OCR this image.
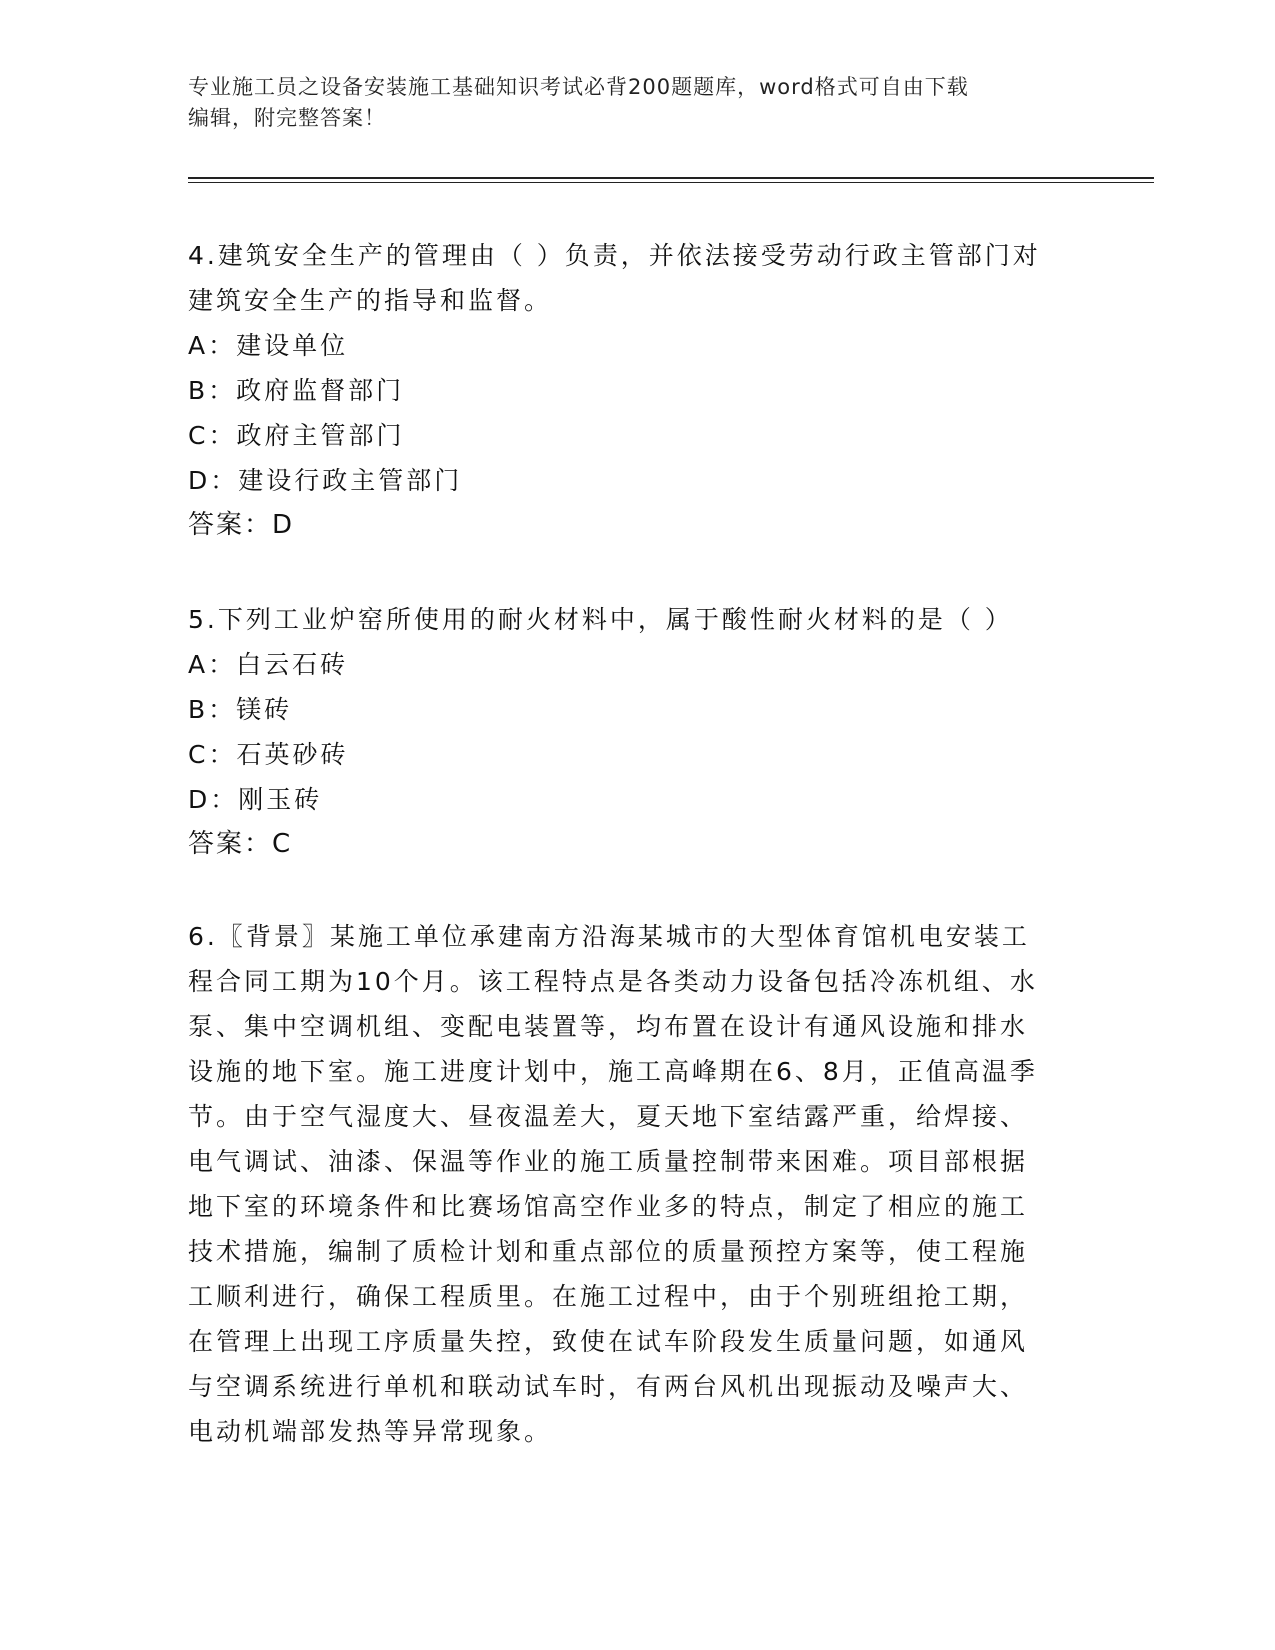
专业施工员之设备安装施工基础知识考试必背200题题库，word格式可自由下载

编辑，附完整答案！

4.建筑安全生产的管理由（ ）负责，并依法接受劳动行政主管部门对
建筑安全生产的指导和监督。

A：建设单位

B：政府监督部门

C：政府主管部门

D：建设行政主管部门

答案：D

5.下列工业炉窑所使用的耐火材料中，属于酸性耐火材料的是（ ）

A：白云石砖

B：镁砖

C：石英砂砖

D：刚玉砖

答案：C

6.〖背景〗某施工单位承建南方沿海某城市的大型体育馆机电安装工
程合同工期为10个月。该工程特点是各类动力设备包括冷冻机组、水
泵、集中空调机组、变配电装置等，均布置在设计有通风设施和排水
设施的地下室。施工进度计划中，施工高峰期在6、8月，正值高温季
节。由于空气湿度大、昼夜温差大，夏天地下室结露严重，给焊接、
电气调试、油漆、保温等作业的施工质量控制带来困难。项目部根据
地下室的环境条件和比赛场馆高空作业多的特点，制定了相应的施工
技术措施，编制了质检计划和重点部位的质量预控方案等，使工程施
工顺利进行，确保工程质里。在施工过程中，由于个别班组抢工期，
在管理上出现工序质量失控，致使在试车阶段发生质量问题，如通风
与空调系统进行单机和联动试车时，有两台风机出现振动及噪声大、
电动机端部发热等异常现象。
